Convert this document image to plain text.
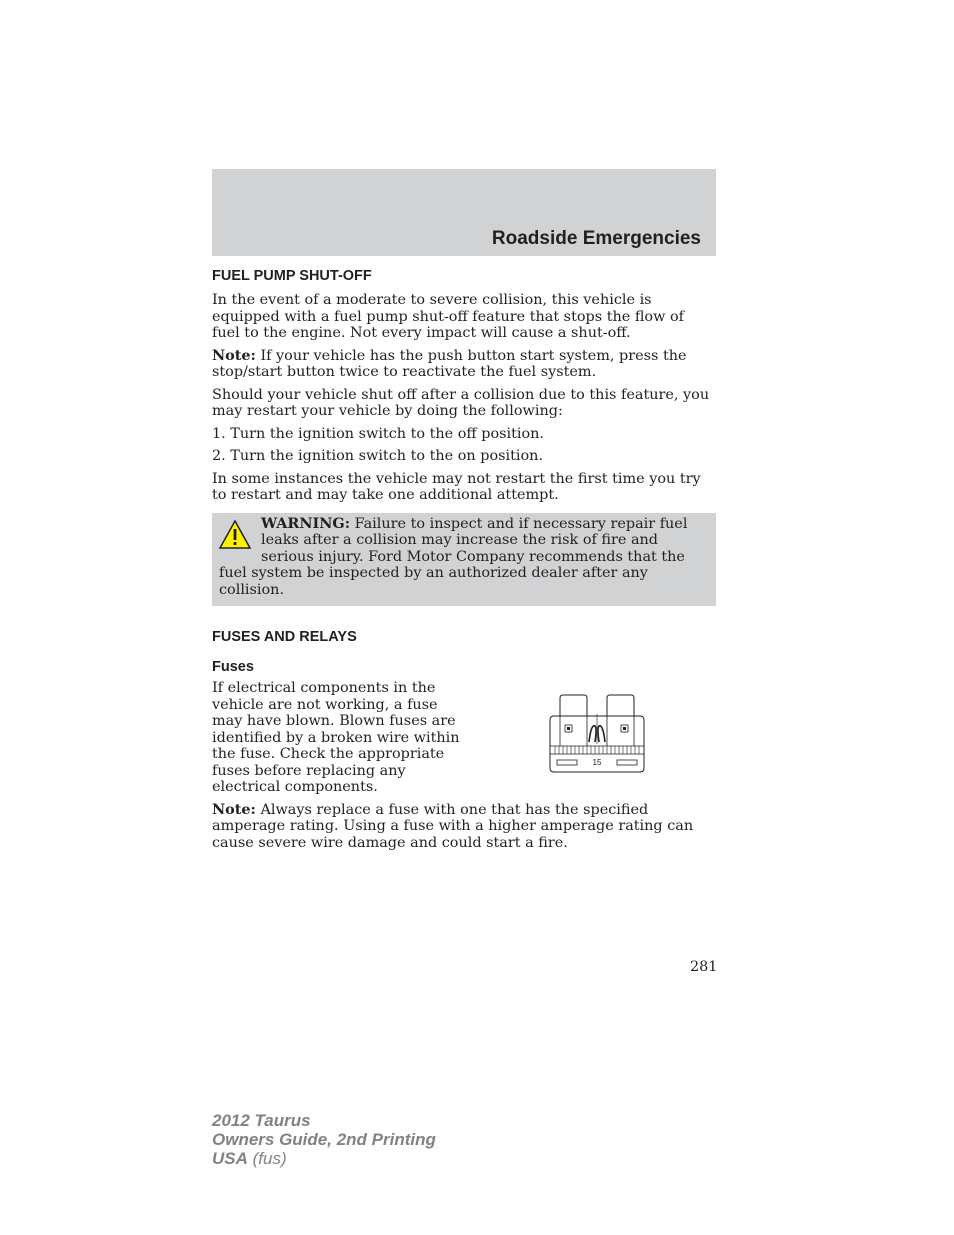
Roadside Emergencies
FUEL PUMP SHUT-OFF

In the event of a moderate to severe collision, this vehicle is equipped with a fuel pump shut-off feature that stops the flow of fuel to the engine. Not every impact will cause a shut-off.

Note: If your vehicle has the push button start system, press the stop/start button twice to reactivate the fuel system.

Should your vehicle shut off after a collision due to this feature, you may restart your vehicle by doing the following:

1. Turn the ignition switch to the off position.

2. Turn the ignition switch to the on position.

In some instances the vehicle may not restart the first time you try to restart and may take one additional attempt.

WARNING: Failure to inspect and if necessary repair fuel leaks after a collision may increase the risk of fire and serious injury. Ford Motor Company recommends that the fuel system be inspected by an authorized dealer after any collision.

FUSES AND RELAYS
Fuses

If electrical components in the vehicle are not working, a fuse may have blown. Blown fuses are identified by a broken wire within the fuse. Check the appropriate fuses before replacing any electrical components.

15

Note: Always replace a fuse with one that has the specified amperage rating. Using a fuse with a higher amperage rating can cause severe wire damage and could start a fire.

281
2012 Taurus
Owners Guide, 2nd Printing
USA (fus)
